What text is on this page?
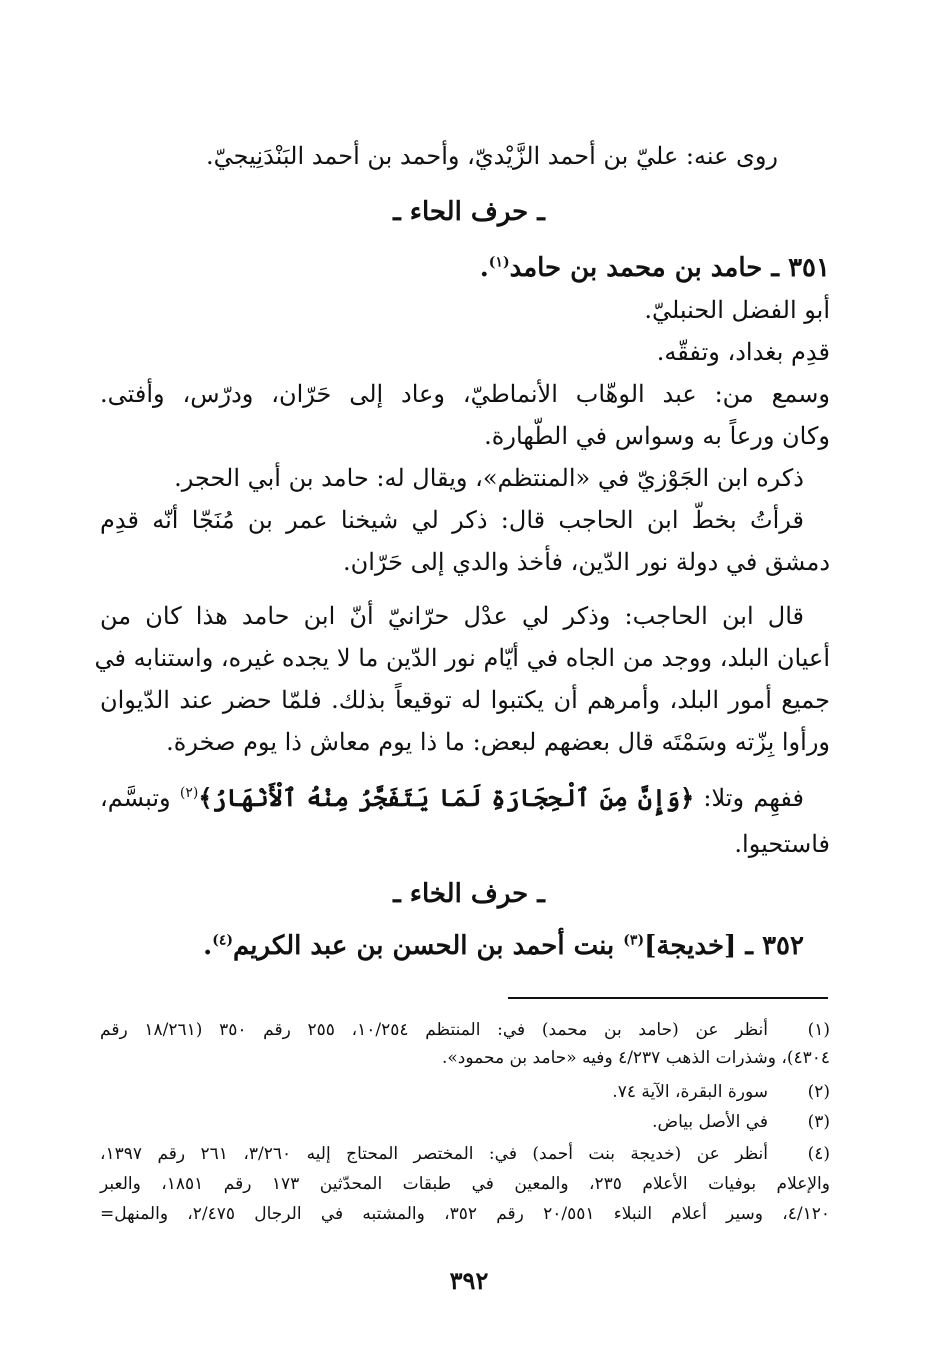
روى عنه: عليّ بن أحمد الزَّيْديّ، وأحمد بن أحمد البَنْدَنِيجيّ.
ـ حرف الحاء ـ
٣٥١ ـ حامد بن محمد بن حامد$^{(١)}$.
أبو الفضل الحنبليّ.
قدِم بغداد، وتفقّه.
وسمع من: عبد الوهّاب الأنماطيّ، وعاد إلى حَرّان، ودرّس، وأفتى.
وكان ورعاً به وسواس في الطّهارة.
ذكره ابن الجَوْزيّ في «المنتظم»، ويقال له: حامد بن أبي الحجر.
قرأتُ بخطّ ابن الحاجب قال: ذكر لي شيخنا عمر بن مُنَجّا أنّه قدِم
دمشق في دولة نور الدّين، فأخذ والدي إلى حَرّان.
قال ابن الحاجب: وذكر لي عدْل حرّانيّ أنّ ابن حامد هذا كان من
أعيان البلد، ووجد من الجاه في أيّام نور الدّين ما لا يجده غيره، واستنابه في
جميع أمور البلد، وأمرهم أن يكتبوا له توقيعاً بذلك. فلمّا حضر عند الدّيوان
ورأوا بِزّته وسَمْتَه قال بعضهم لبعض: ما ذا يوم معاش ذا يوم صخرة.
ففهِم وتلا: ﴿وَإِنَّ مِنَ ٱلْحِجَارَةِ لَمَا يَتَفَجَّرُ مِنْهُ ٱلْأَنْهَارُ﴾$^{(٢)}$ وتبسَّم،
فاستحيوا.
ـ حرف الخاء ـ
٣٥٢ ـ [خديجة]$^{(٣)}$ بنت أحمد بن الحسن بن عبد الكريم$^{(٤)}$.
(١)
أنظر عن (حامد بن محمد) في: المنتظم ١٠/٢٥٤، ٢٥٥ رقم ٣٥٠ (١٨/٢٦١ رقم
٤٣٠٤)، وشذرات الذهب ٤/٢٣٧ وفيه «حامد بن محمود».
(٢)
سورة البقرة، الآية ٧٤.
(٣)
في الأصل بياض.
(٤)
أنظر عن (خديجة بنت أحمد) في: المختصر المحتاج إليه ٣/٢٦٠، ٢٦١ رقم ١٣٩٧،
والإعلام بوفيات الأعلام ٢٣٥، والمعين في طبقات المحدّثين ١٧٣ رقم ١٨٥١، والعبر
٤/١٢٠، وسير أعلام النبلاء ٢٠/٥٥١ رقم ٣٥٢، والمشتبه في الرجال ٢/٤٧٥، والمنهل=
٣٩٢
